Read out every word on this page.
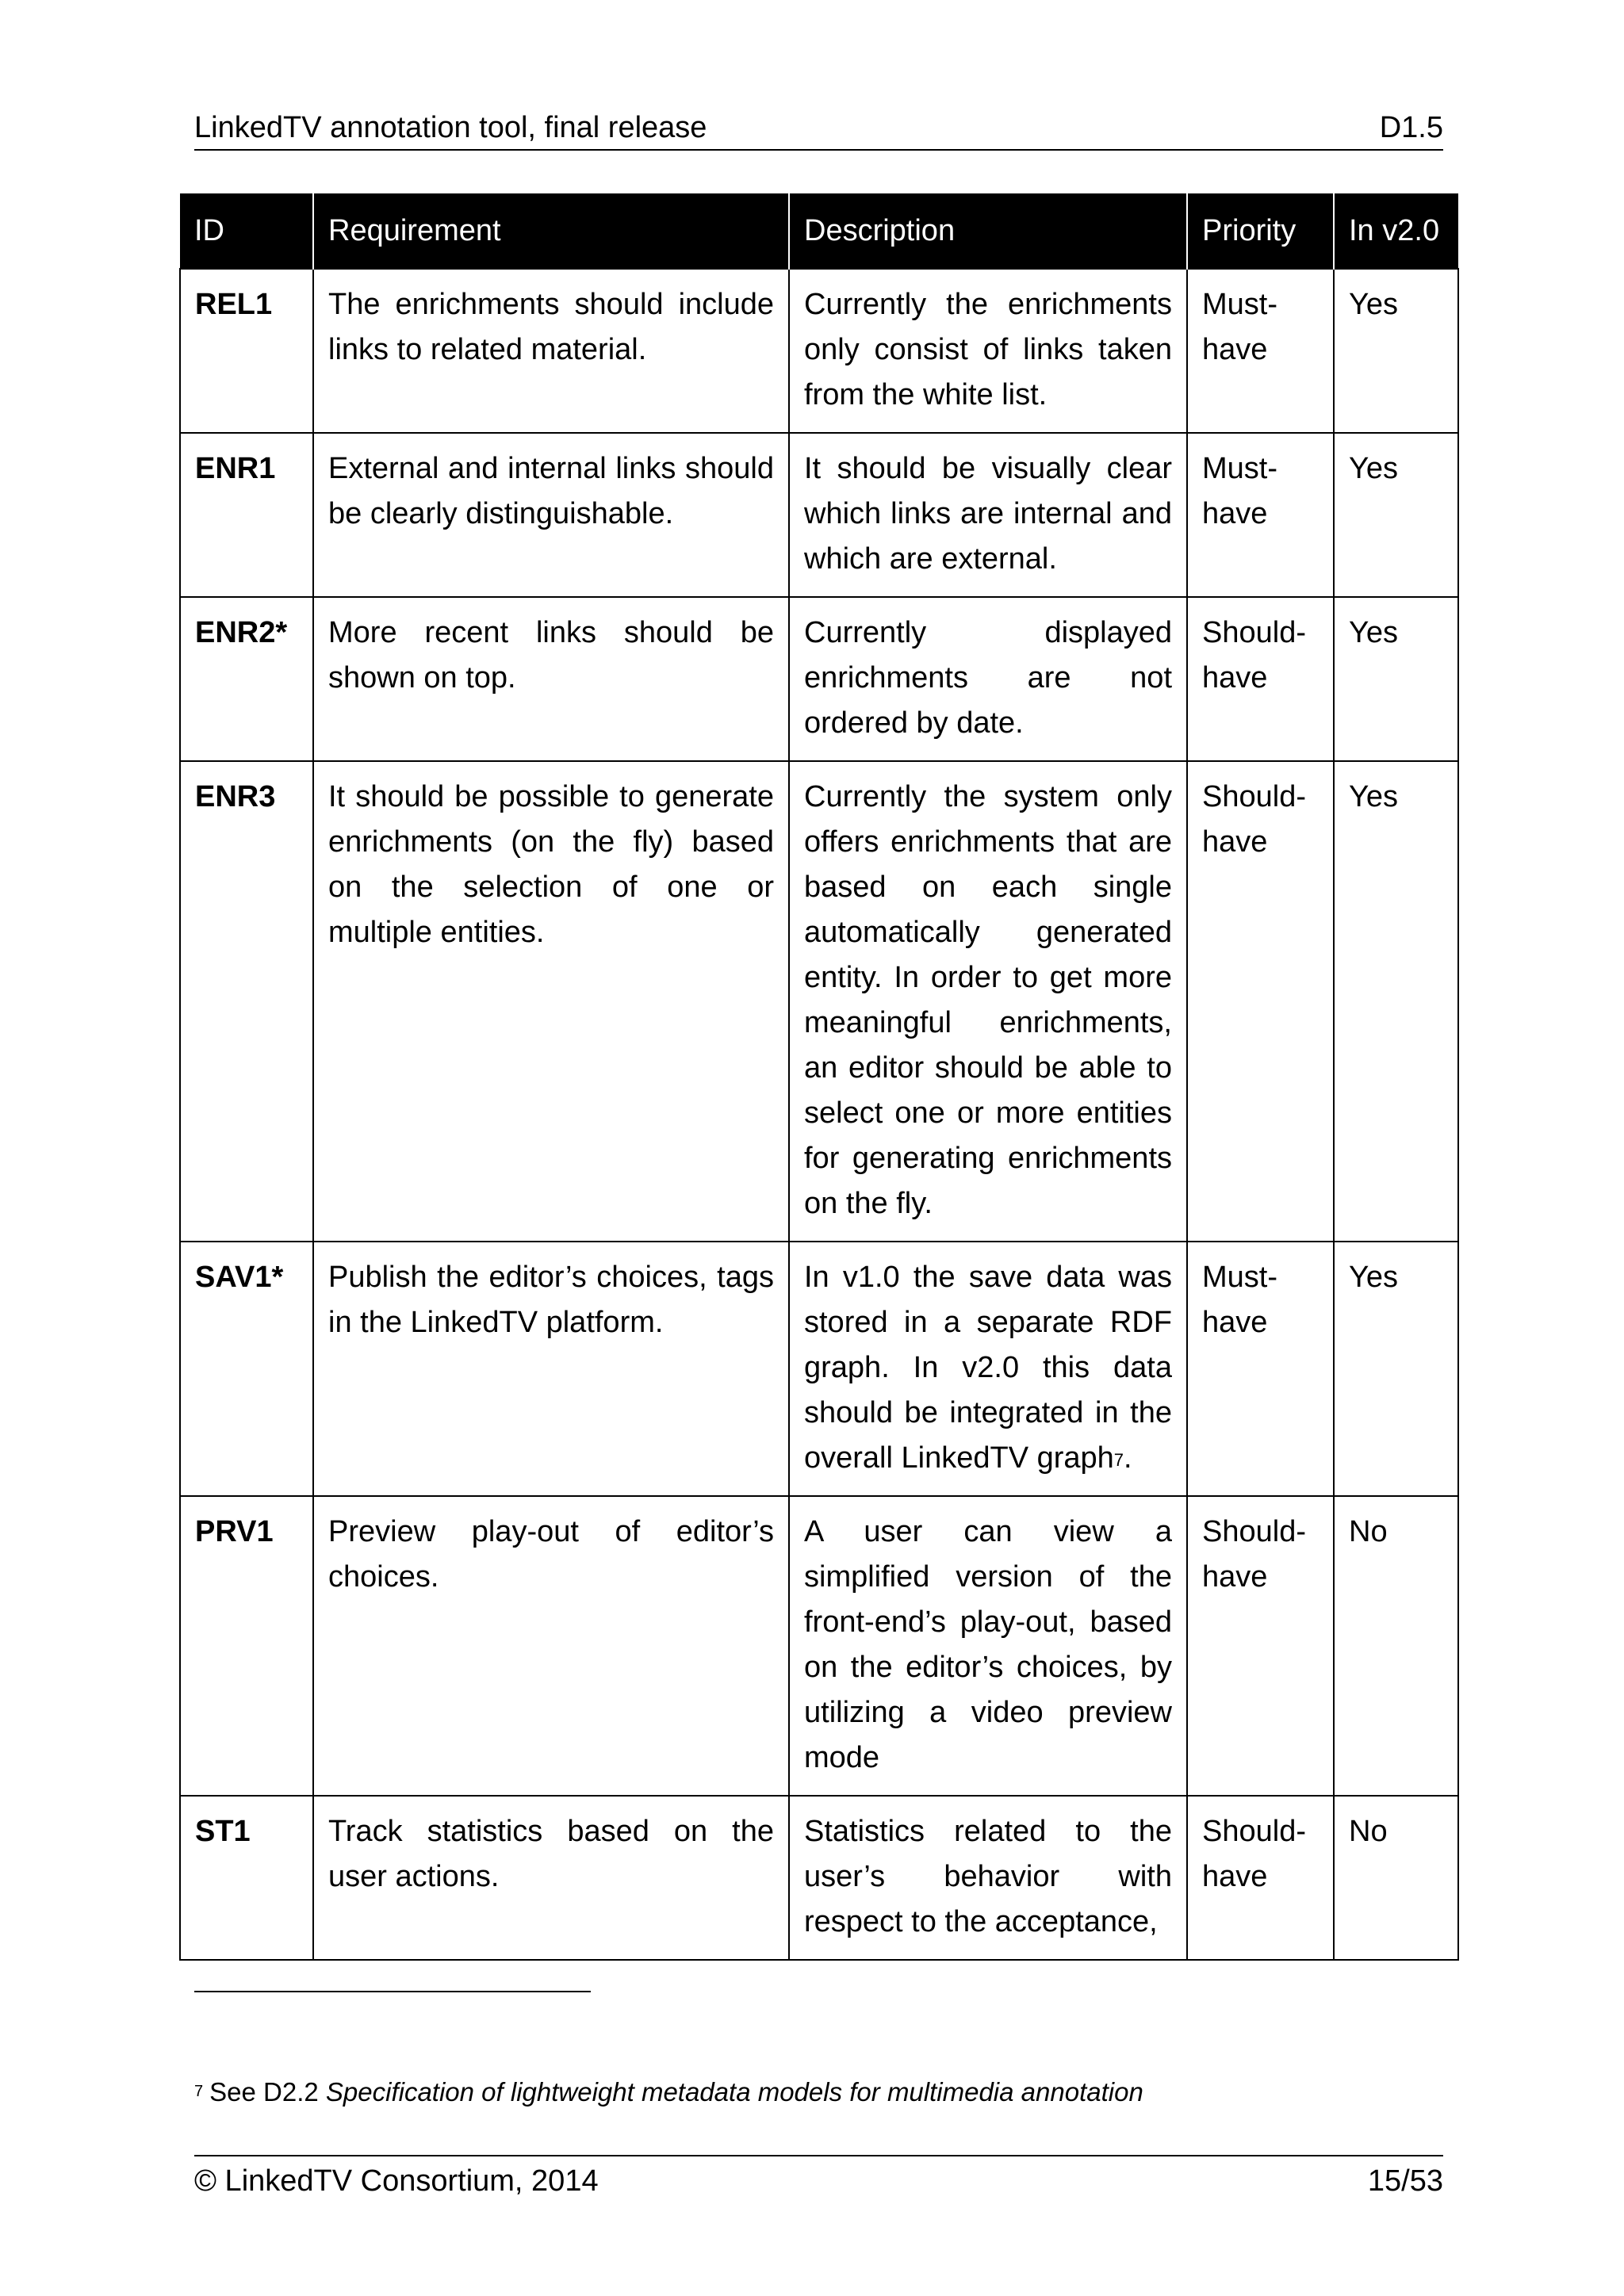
LinkedTV annotation tool, final release	D1.5
ID	Requirement	Description	Priority	In v2.0
REL1	The enrichments should include links to related material.	Currently the enrichments only consist of links taken from the white list.	Must-have	Yes
ENR1	External and internal links should be clearly distinguishable.	It should be visually clear which links are internal and which are external.	Must-have	Yes
ENR2*	More recent links should be shown on top.	Currently displayed enrichments are not ordered by date.	Should-have	Yes
ENR3	It should be possible to generate enrichments (on the fly) based on the selection of one or multiple entities.	Currently the system only offers enrichments that are based on each single automatically generated entity. In order to get more meaningful enrichments, an editor should be able to select one or more entities for generating enrichments on the fly.	Should-have	Yes
SAV1*	Publish the editor’s choices, tags in the LinkedTV platform.	In v1.0 the save data was stored in a separate RDF graph. In v2.0 this data should be integrated in the overall LinkedTV graph$^7$.	Must-have	Yes
PRV1	Preview play-out of editor’s choices.	A user can view a simplified version of the front-end’s play-out, based on the editor’s choices, by utilizing a video preview mode	Should-have	No
ST1	Track statistics based on the user actions.	Statistics related to the user’s behavior with respect to the acceptance,	Should-have	No
7 See D2.2 Specification of lightweight metadata models for multimedia annotation
© LinkedTV Consortium, 2014	15/53
